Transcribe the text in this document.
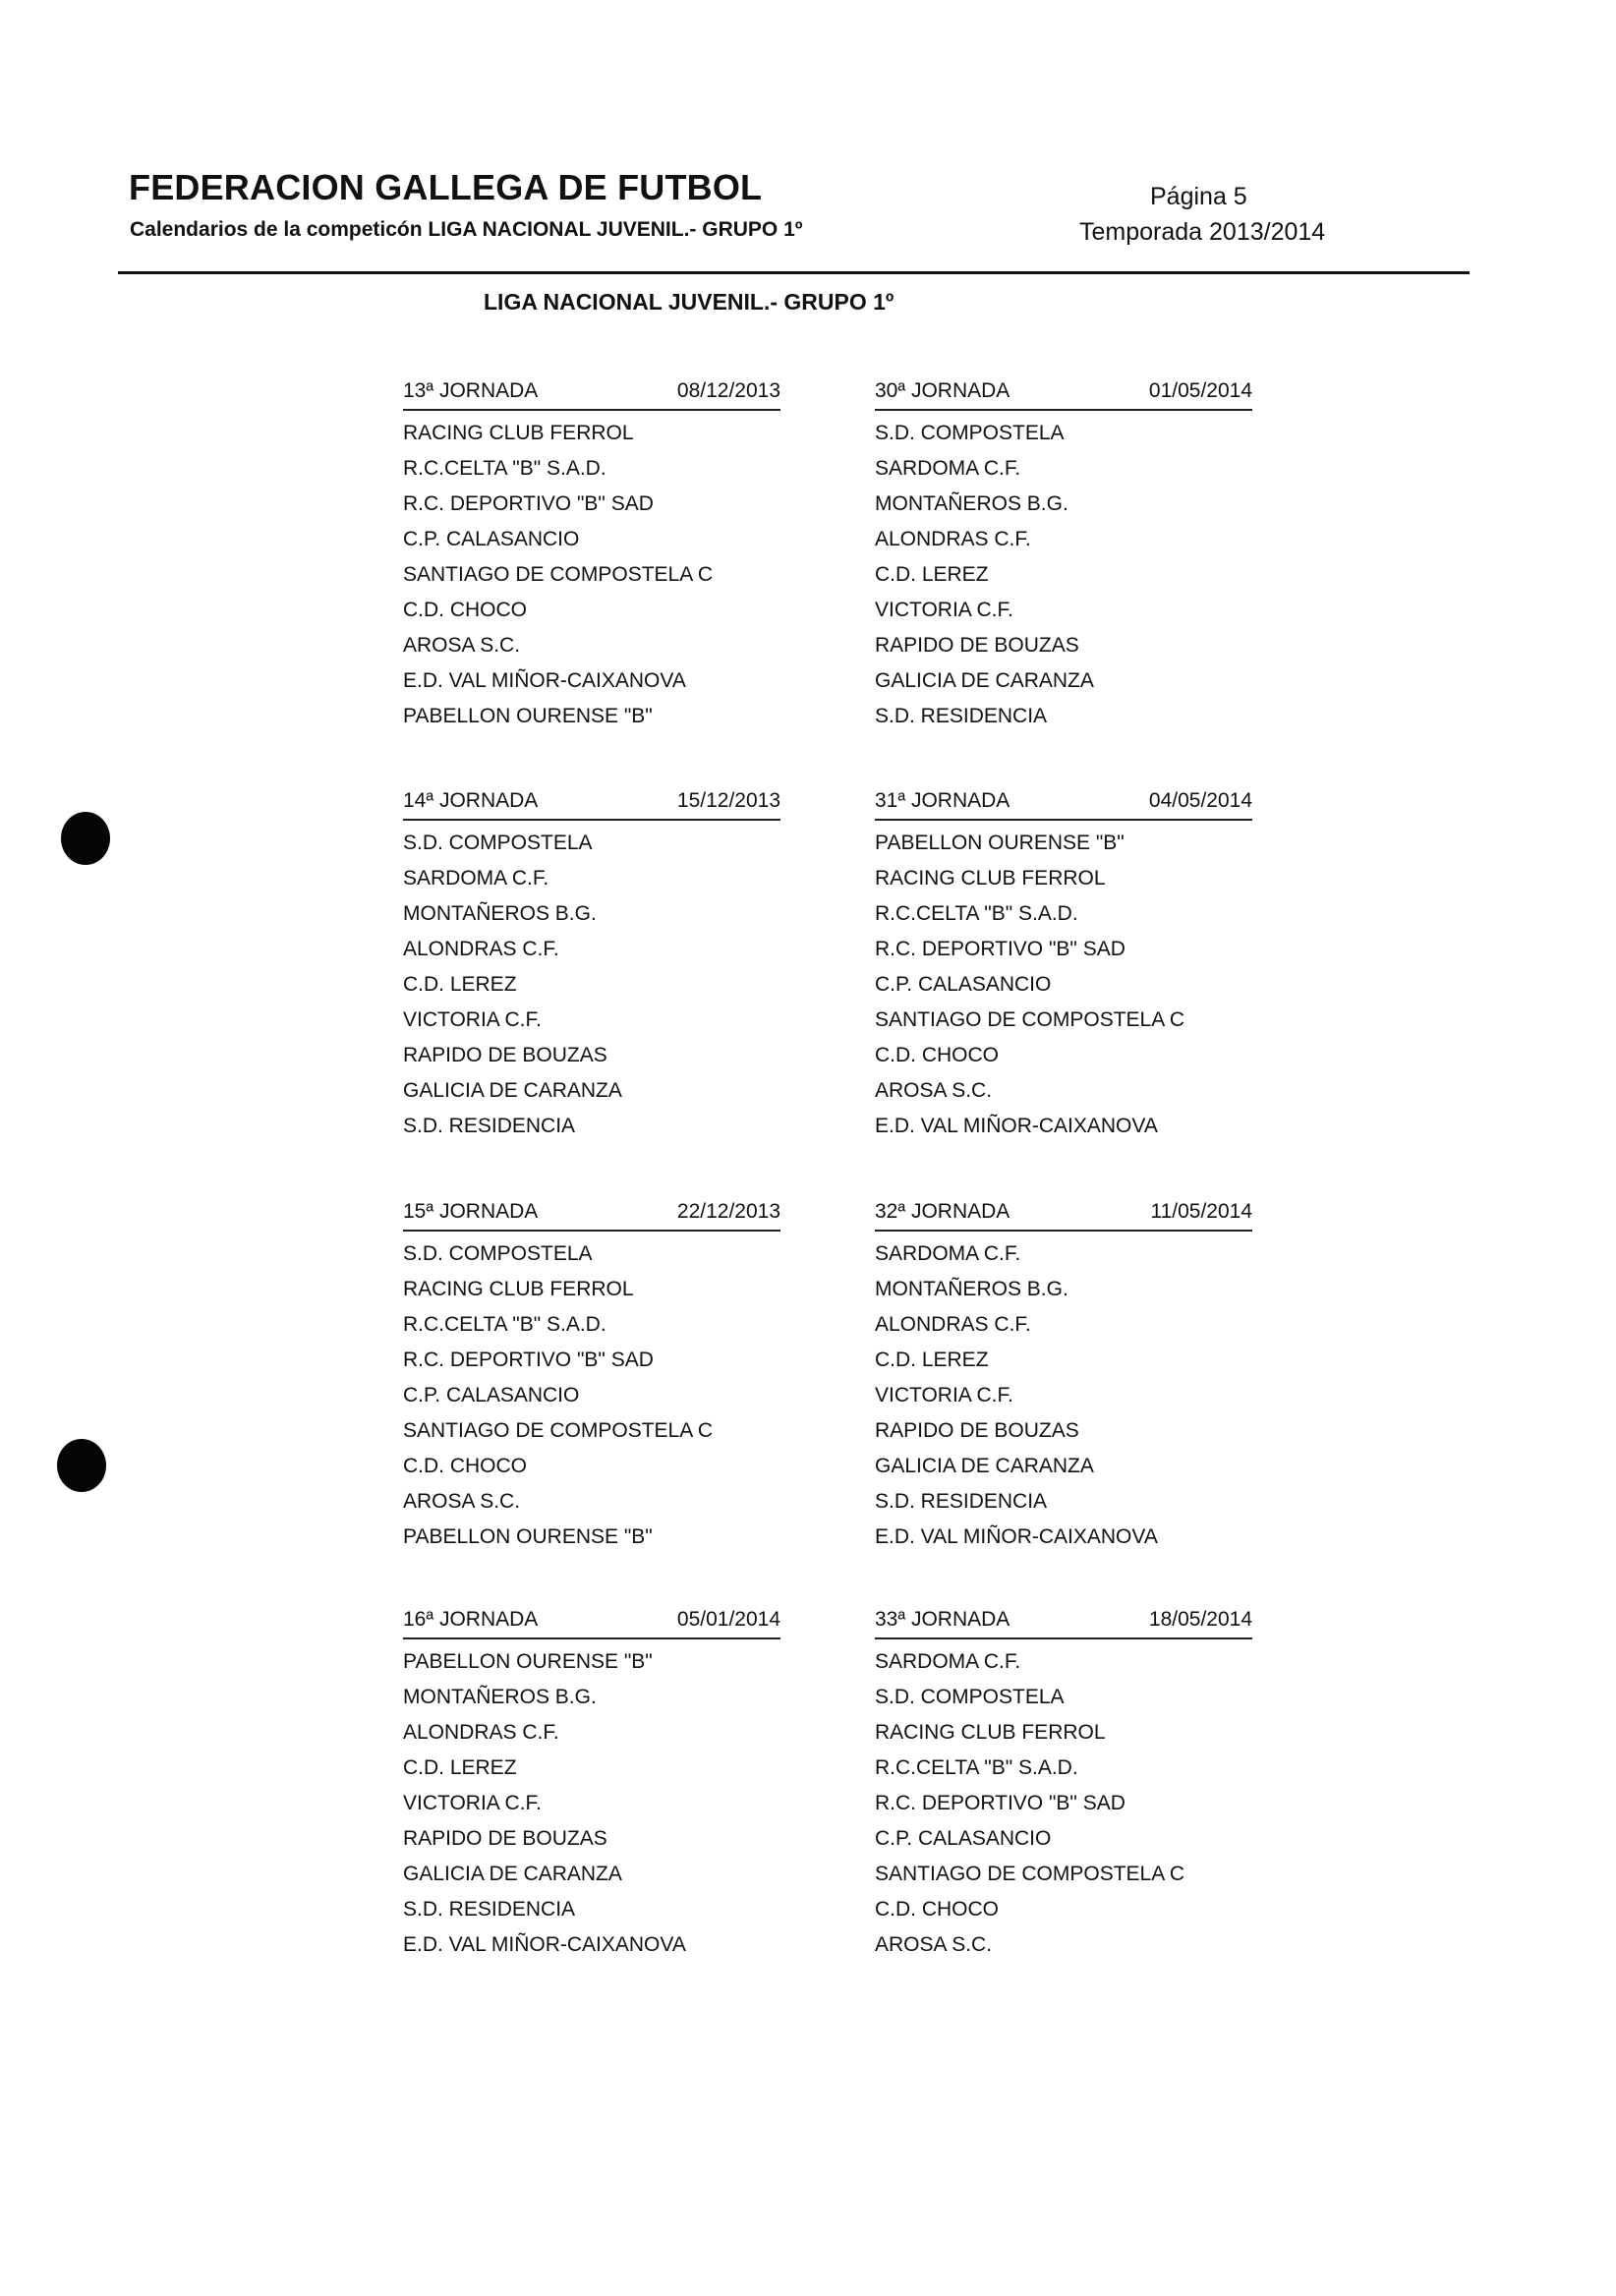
FEDERACION GALLEGA DE FUTBOL
Calendarios de la competicón LIGA NACIONAL JUVENIL.- GRUPO 1º
Página 5
Temporada 2013/2014
LIGA NACIONAL JUVENIL.- GRUPO 1º
13ª JORNADA	08/12/2013
RACING CLUB FERROL
R.C.CELTA "B" S.A.D.
R.C. DEPORTIVO "B" SAD
C.P. CALASANCIO
SANTIAGO DE COMPOSTELA C
C.D. CHOCO
AROSA S.C.
E.D. VAL MIÑOR-CAIXANOVA
PABELLON OURENSE "B"
30ª JORNADA	01/05/2014
S.D. COMPOSTELA
SARDOMA C.F.
MONTAÑEROS B.G.
ALONDRAS C.F.
C.D. LEREZ
VICTORIA C.F.
RAPIDO DE BOUZAS
GALICIA DE CARANZA
S.D. RESIDENCIA
14ª JORNADA	15/12/2013
S.D. COMPOSTELA
SARDOMA C.F.
MONTAÑEROS B.G.
ALONDRAS C.F.
C.D. LEREZ
VICTORIA C.F.
RAPIDO DE BOUZAS
GALICIA DE CARANZA
S.D. RESIDENCIA
31ª JORNADA	04/05/2014
PABELLON OURENSE "B"
RACING CLUB FERROL
R.C.CELTA "B" S.A.D.
R.C. DEPORTIVO "B" SAD
C.P. CALASANCIO
SANTIAGO DE COMPOSTELA C
C.D. CHOCO
AROSA S.C.
E.D. VAL MIÑOR-CAIXANOVA
15ª JORNADA	22/12/2013
S.D. COMPOSTELA
RACING CLUB FERROL
R.C.CELTA "B" S.A.D.
R.C. DEPORTIVO "B" SAD
C.P. CALASANCIO
SANTIAGO DE COMPOSTELA C
C.D. CHOCO
AROSA S.C.
PABELLON OURENSE "B"
32ª JORNADA	11/05/2014
SARDOMA C.F.
MONTAÑEROS B.G.
ALONDRAS C.F.
C.D. LEREZ
VICTORIA C.F.
RAPIDO DE BOUZAS
GALICIA DE CARANZA
S.D. RESIDENCIA
E.D. VAL MIÑOR-CAIXANOVA
16ª JORNADA	05/01/2014
PABELLON OURENSE "B"
MONTAÑEROS B.G.
ALONDRAS C.F.
C.D. LEREZ
VICTORIA C.F.
RAPIDO DE BOUZAS
GALICIA DE CARANZA
S.D. RESIDENCIA
E.D. VAL MIÑOR-CAIXANOVA
33ª JORNADA	18/05/2014
SARDOMA C.F.
S.D. COMPOSTELA
RACING CLUB FERROL
R.C.CELTA "B" S.A.D.
R.C. DEPORTIVO "B" SAD
C.P. CALASANCIO
SANTIAGO DE COMPOSTELA C
C.D. CHOCO
AROSA S.C.
